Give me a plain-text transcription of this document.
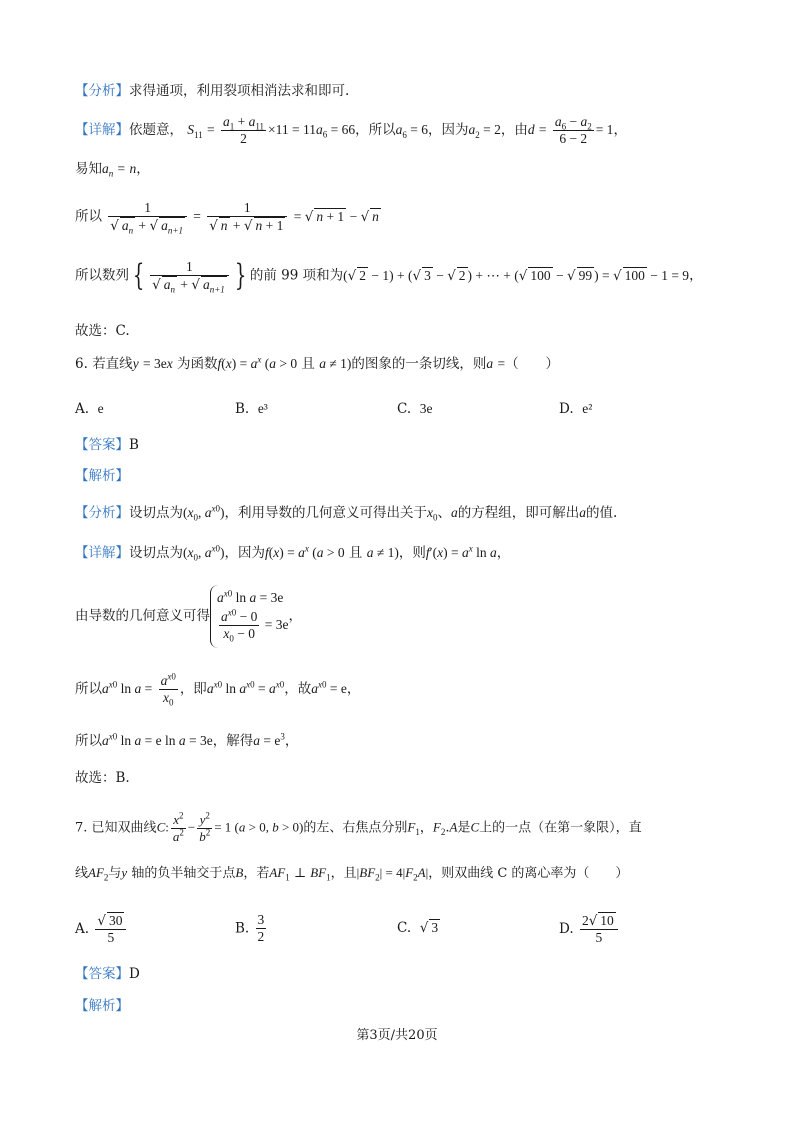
【分析】求得通项，利用裂项相消法求和即可.
【详解】依题意， $S_{11} = \frac{a_1 + a_{11}}{2} \times 11 = 11a_6 = 66$，所以$a_6 = 6$，因为$a_2 = 2$，由$d = \frac{a_6 - a_2}{6 - 2} = 1$，
易知$a_n = n$，
所以 $\frac{1}{√ a_n + √ a_{n+1}} = \frac{1}{√ n + √ n + 1}$ = √ n + 1 − √ n
所以数列 { $\frac{1}{√ a_n + √ a_{n+1}}$ } 的前 99 项和为(√ 2 − 1) + (√ 3 − √ 2 ) + ⋯ + (√ 100 − √ 99 ) = √ 100 − 1 = 9，
故选：C.
6. 若直线y = 3ex 为函数$f(x) = a^x$ (a > 0 且 a ≠ 1)的图象的一条切线，则a =（　　）
A. e	B. e³	C. 3e	D. e²
【答案】B
【解析】
【分析】设切点为($x_0$, $a^{x0}$)，利用导数的几何意义可得出关于$x_0$、a的方程组，即可解出a的值.
【详解】设切点为($x_0$, $a^{x0}$)，因为$f(x) = a^x$ (a > 0 且 a ≠ 1)，则$f'(x) = a^x$ ln a，
由导数的几何意义可得
$a^{x0}$ ln a = 3e
$\frac{a^{x0} - 0}{x_0 - 0} = 3e$
，
所以$a^{x0}$ $\ln a = \frac{a^{x0}}{x_0}$ ，即$a^{x0}$ $\ln a^{x0} = a^{x0}$，故$a^{x0} = e$，
所以$a^{x0}$ ln a = e ln a = 3e，解得$a = e^3$，
故选：B.
7. 已知双曲线C: $\frac{x^2}{a^2} - \frac{y^2}{b^2} = 1$ (a > 0, b > 0)的左、右焦点分别$F_1$，$F_2.A$是C上的一点（在第一象限），直
线$AF_2$与y 轴的负半轴交于点B，若$AF_1$ ⊥ $BF_1$，且$|BF_2| = 4|F_2A|$，则双曲线 C 的离心率为（　　）
A. $\frac{√ 30}{5}$	B. $\frac{3}{2}$	C. √ 3	D. $\frac{2√ 10}{5}$
【答案】D
【解析】
第3页/共20页
